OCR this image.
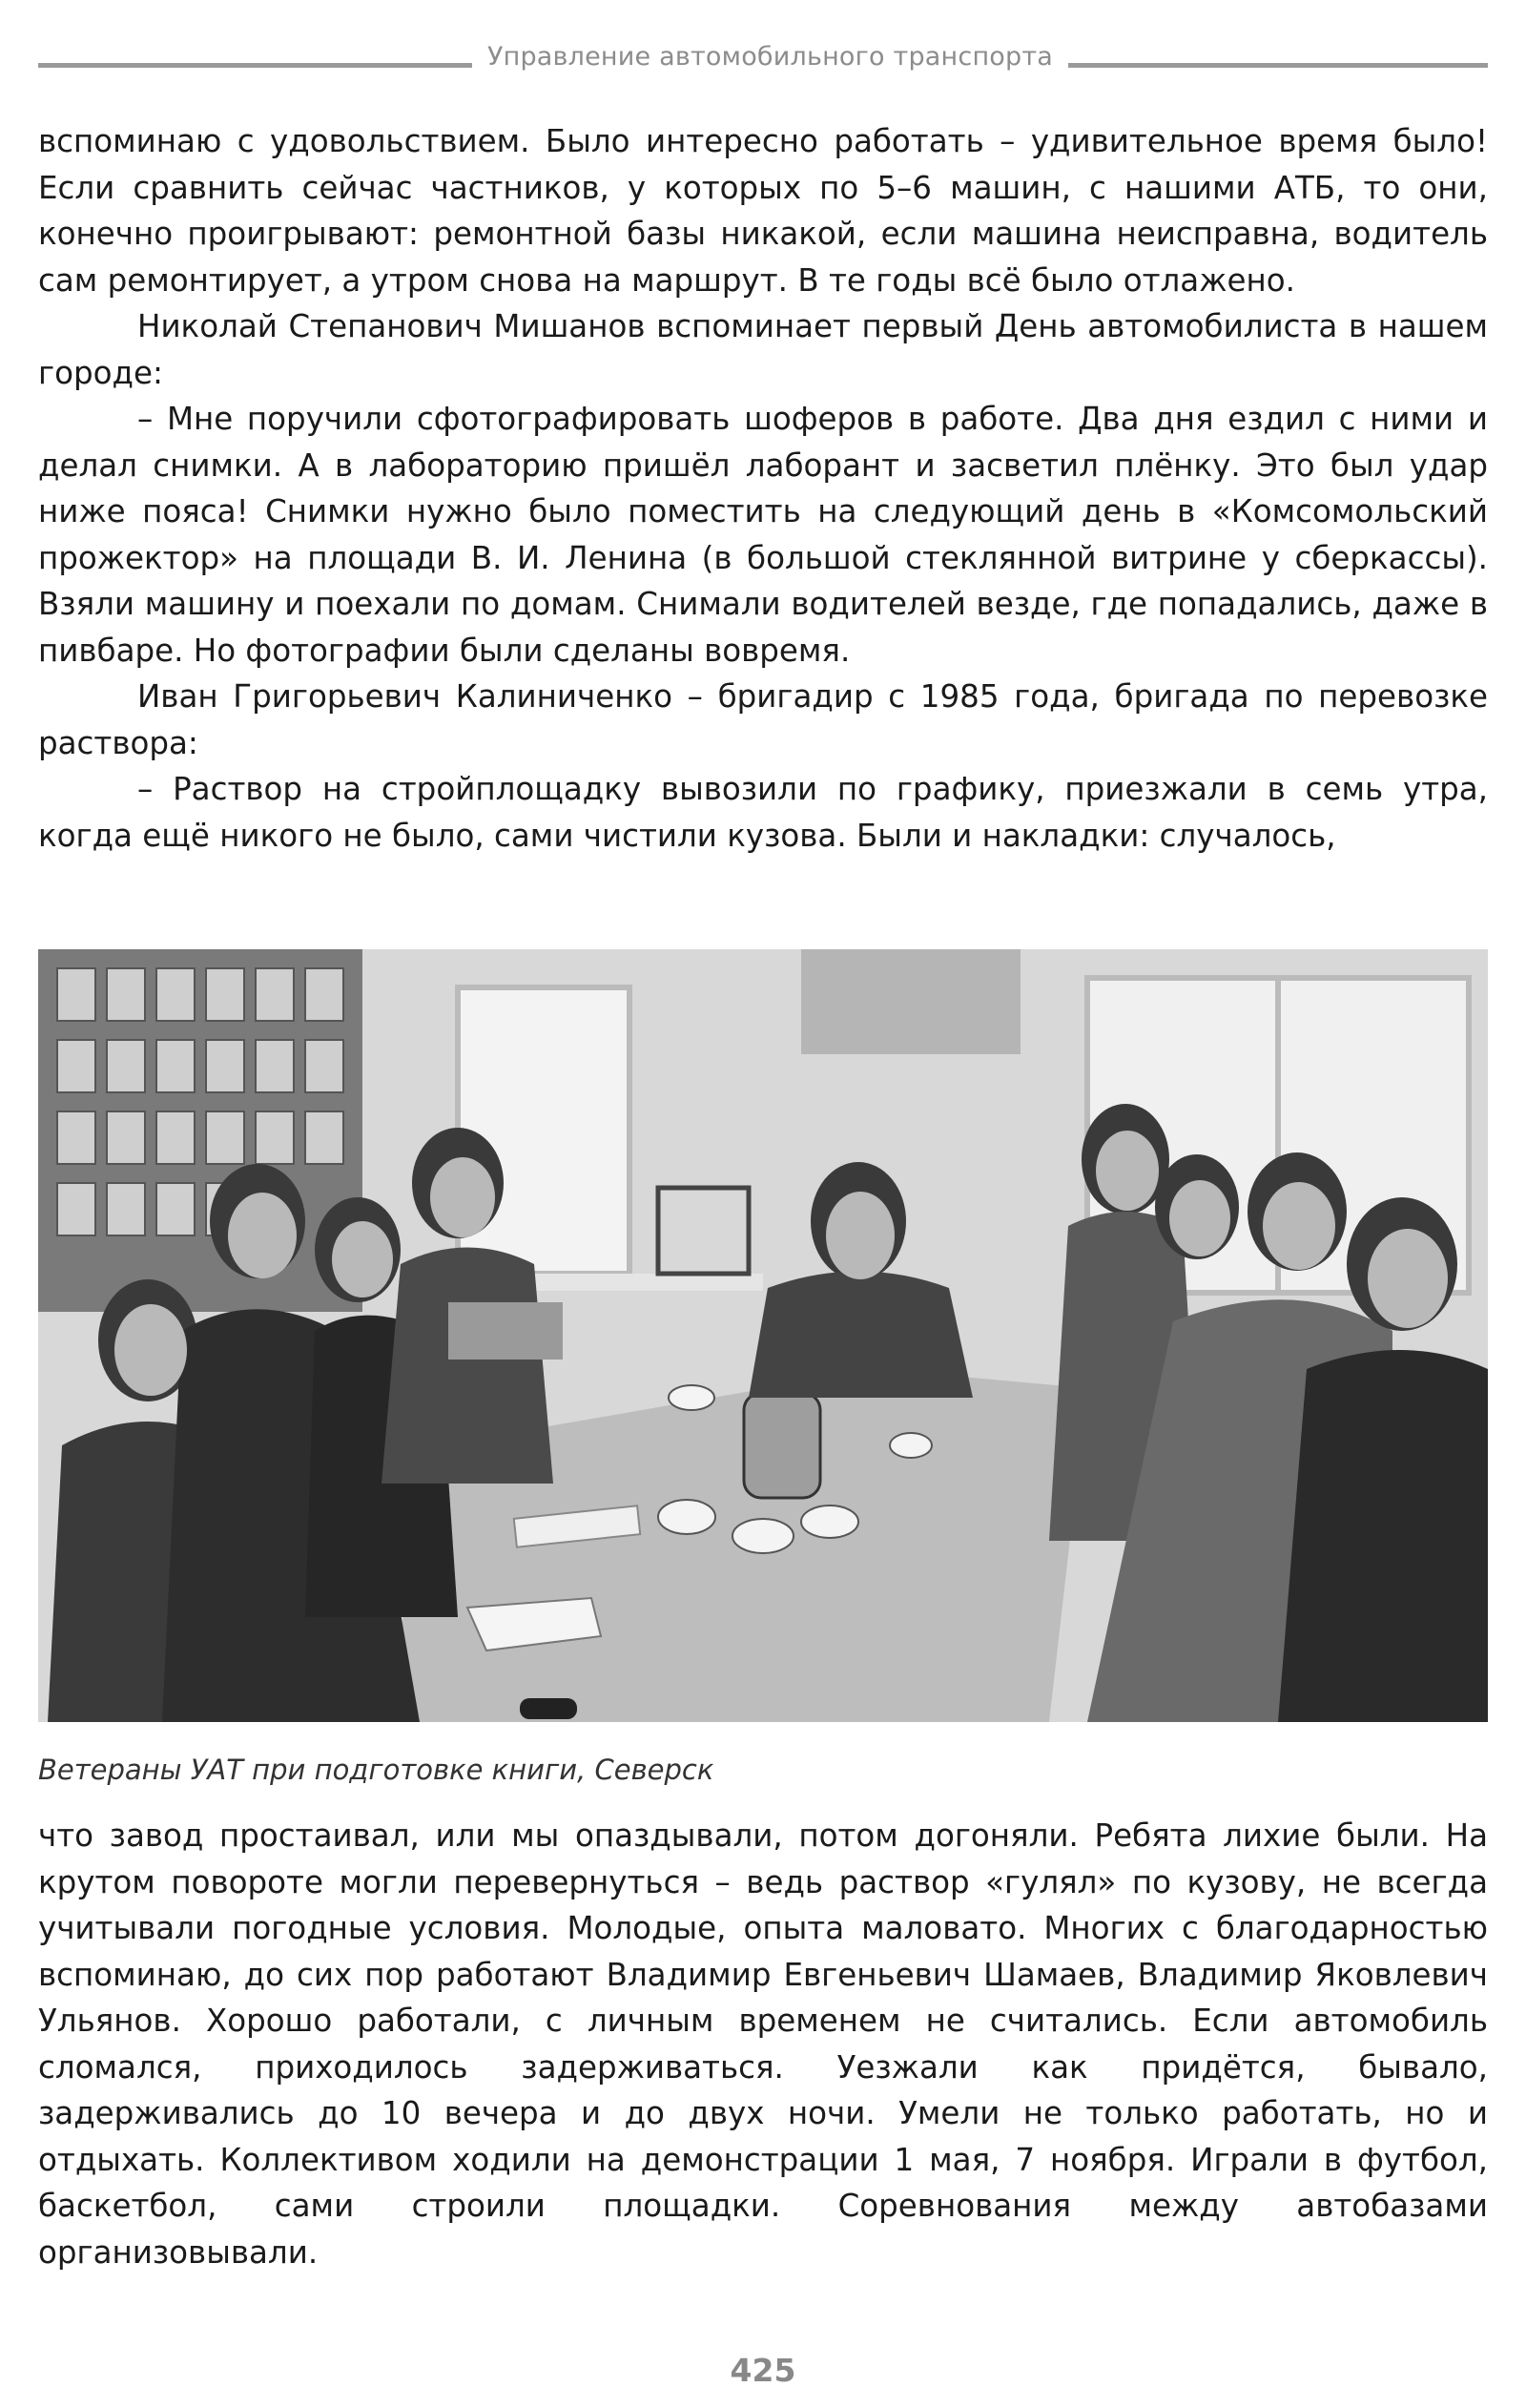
Управление автомобильного транспорта

вспоминаю с удовольствием. Было интересно работать – удивительное время было! Если сравнить сейчас частников, у которых по 5–6 машин, с нашими АТБ, то они, конечно проигрывают: ремонтной базы никакой, если машина неисправна, водитель сам ремонтирует, а утром снова на маршрут. В те годы всё было отлажено.

Николай Степанович Мишанов вспоминает первый День автомобилиста в нашем городе:

– Мне поручили сфотографировать шоферов в работе. Два дня ездил с ними и делал снимки. А в лабораторию пришёл лаборант и засветил плёнку. Это был удар ниже пояса! Снимки нужно было поместить на следующий день в «Комсомольский прожектор» на площади В. И. Ленина (в большой стеклянной витрине у сберкассы). Взяли машину и поехали по домам. Снимали водителей везде, где попадались, даже в пивбаре. Но фотографии были сделаны вовремя.

Иван Григорьевич Калиниченко – бригадир с 1985 года, бригада по перевозке раствора:

– Раствор на стройплощадку вывозили по графику, приезжали в семь утра, когда ещё никого не было, сами чистили кузова. Были и накладки: случалось,

Ветераны УАТ при подготовке книги, Северск

что завод простаивал, или мы опаздывали, потом догоняли. Ребята лихие были. На крутом повороте могли перевернуться – ведь раствор «гулял» по кузову, не всегда учитывали погодные условия. Молодые, опыта маловато. Многих с благодарностью вспоминаю, до сих пор работают Владимир Евгеньевич Шамаев, Владимир Яковлевич Ульянов. Хорошо работали, с личным временем не считались. Если автомобиль сломался, приходилось задерживаться. Уезжали как придётся, бывало, задерживались до 10 вечера и до двух ночи. Умели не только работать, но и отдыхать. Коллективом ходили на демонстрации 1 мая, 7 ноября. Играли в футбол, баскетбол, сами строили площадки. Соревнования между автобазами организовывали.

425
